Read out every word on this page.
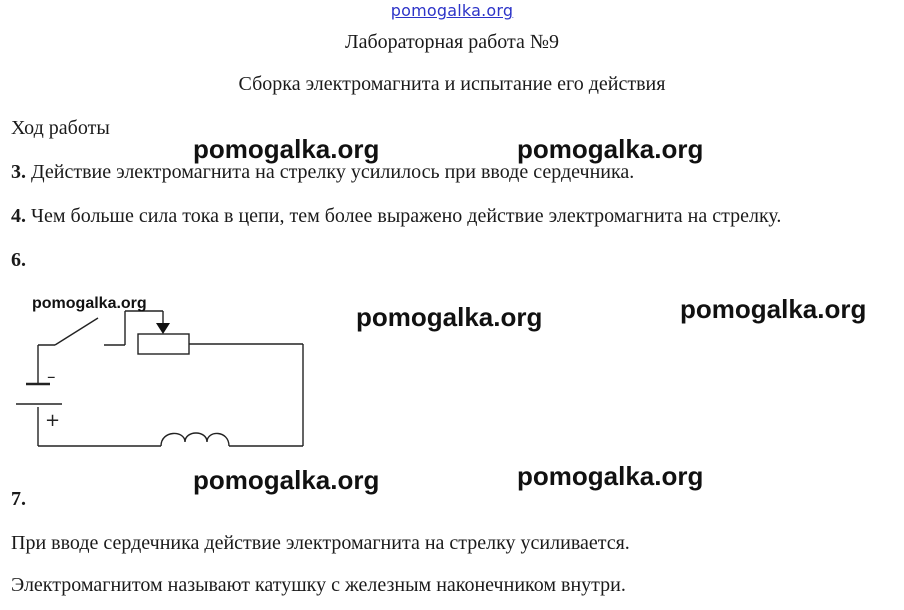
pomogalka.org
Лабораторная работа №9
Сборка электромагнита и испытание его действия
Ход работы
3. Действие электромагнита на стрелку усилилось при вводе сердечника.
4. Чем больше сила тока в цепи, тем более выражено действие электромагнита на стрелку.
6.
–
+
pomogalka.org
7.
При вводе сердечника действие электромагнита на стрелку усиливается.
Электромагнитом называют катушку с железным наконечником внутри.
pomogalka.org	pomogalka.org
pomogalka.org	pomogalka.org
pomogalka.org	pomogalka.org
